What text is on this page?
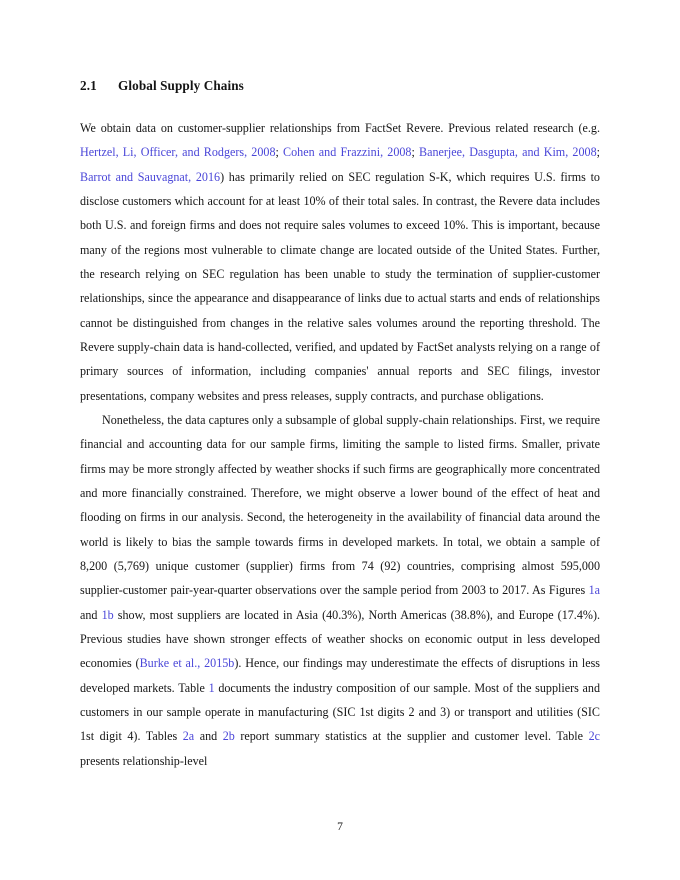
2.1 Global Supply Chains

We obtain data on customer-supplier relationships from FactSet Revere. Previous related research (e.g. Hertzel, Li, Officer, and Rodgers, 2008; Cohen and Frazzini, 2008; Banerjee, Dasgupta, and Kim, 2008; Barrot and Sauvagnat, 2016) has primarily relied on SEC regulation S-K, which requires U.S. firms to disclose customers which account for at least 10% of their total sales. In contrast, the Revere data includes both U.S. and foreign firms and does not require sales volumes to exceed 10%. This is important, because many of the regions most vulnerable to climate change are located outside of the United States. Further, the research relying on SEC regulation has been unable to study the termination of supplier-customer relationships, since the appearance and disappearance of links due to actual starts and ends of relationships cannot be distinguished from changes in the relative sales volumes around the reporting threshold. The Revere supply-chain data is hand-collected, verified, and updated by FactSet analysts relying on a range of primary sources of information, including companies' annual reports and SEC filings, investor presentations, company websites and press releases, supply contracts, and purchase obligations.

Nonetheless, the data captures only a subsample of global supply-chain relationships. First, we require financial and accounting data for our sample firms, limiting the sample to listed firms. Smaller, private firms may be more strongly affected by weather shocks if such firms are geographically more concentrated and more financially constrained. Therefore, we might observe a lower bound of the effect of heat and flooding on firms in our analysis. Second, the heterogeneity in the availability of financial data around the world is likely to bias the sample towards firms in developed markets. In total, we obtain a sample of 8,200 (5,769) unique customer (supplier) firms from 74 (92) countries, comprising almost 595,000 supplier-customer pair-year-quarter observations over the sample period from 2003 to 2017. As Figures 1a and 1b show, most suppliers are located in Asia (40.3%), North Americas (38.8%), and Europe (17.4%). Previous studies have shown stronger effects of weather shocks on economic output in less developed economies (Burke et al., 2015b). Hence, our findings may underestimate the effects of disruptions in less developed markets. Table 1 documents the industry composition of our sample. Most of the suppliers and customers in our sample operate in manufacturing (SIC 1st digits 2 and 3) or transport and utilities (SIC 1st digit 4). Tables 2a and 2b report summary statistics at the supplier and customer level. Table 2c presents relationship-level

7
